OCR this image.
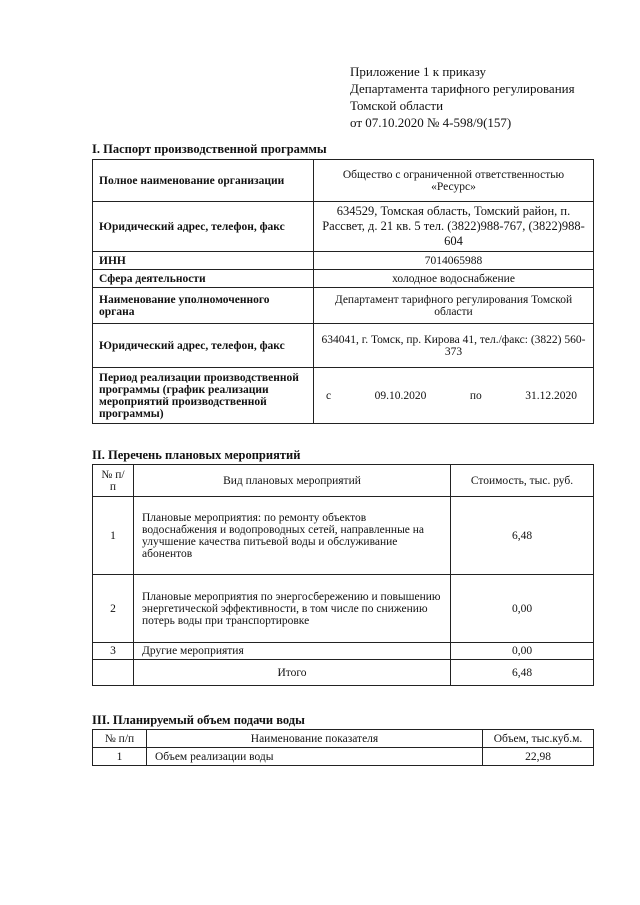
Приложение 1 к приказу
Департамента тарифного регулирования
Томской области
от 07.10.2020 № 4-598/9(157)
I. Паспорт производственной программы
Полное наименование организации	Общество с ограниченной ответственностью «Ресурс»
Юридический адрес, телефон, факс	634529, Томская область, Томский район, п. Рассвет, д. 21 кв. 5 тел. (3822)988-767, (3822)988-604
ИНН	7014065988
Сфера деятельности	холодное водоснабжение
Наименование уполномоченного органа	Департамент тарифного регулирования Томской области
Юридический адрес, телефон, факс	634041, г. Томск, пр. Кирова 41, тел./факс: (3822) 560-373
Период реализации производственной программы (график реализации мероприятий производственной программы)	с 09.10.2020 по 31.12.2020
II. Перечень плановых мероприятий
№ п/п	Вид плановых мероприятий	Стоимость, тыс. руб.
1	Плановые мероприятия: по ремонту объектов водоснабжения и водопроводных сетей, направленные на улучшение качества питьевой воды и обслуживание абонентов	6,48
2	Плановые мероприятия по энергосбережению и повышению энергетической эффективности, в том числе по снижению потерь воды при транспортировке	0,00
3	Другие мероприятия	0,00
	Итого	6,48
III. Планируемый объем подачи воды
№ п/п	Наименование показателя	Объем, тыс.куб.м.
1	Объем реализации воды	22,98
